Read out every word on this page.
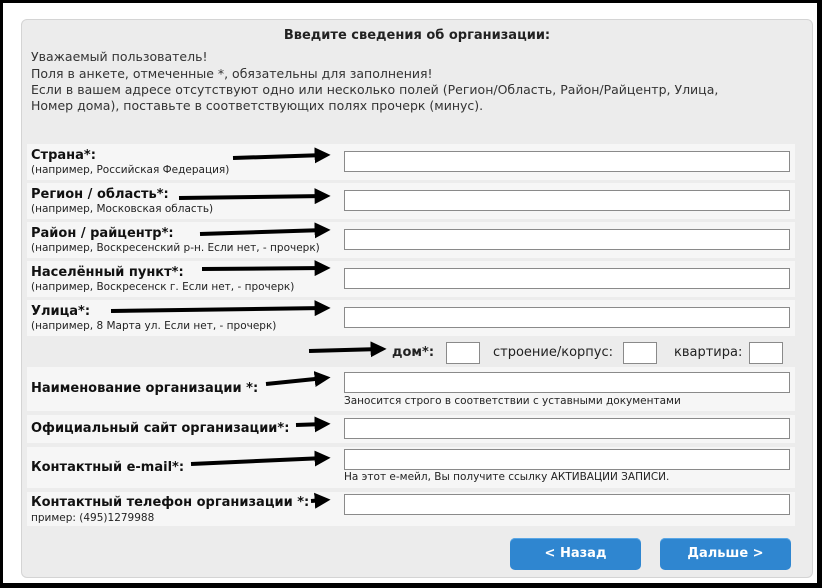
Введите сведения об организации:
Уважаемый пользователь!
Поля в анкете, отмеченные *, обязательны для заполнения!
Если в вашем адресе отсутствуют одно или несколько полей (Регион/Область, Район/Райцентр, Улица,
Номер дома), поставьте в соответствующих полях прочерк (минус).
Страна*:
(например, Российская Федерация)
Регион / область*:
(например, Московская область)
Район / райцентр*:
(например, Воскресенский р-н. Если нет, - прочерк)
Населённый пункт*:
(например, Воскресенск г. Если нет, - прочерк)
Улица*:
(например, 8 Марта ул. Если нет, - прочерк)
дом*:	строение/корпус:	квартира:
Наименование организации *:
Заносится строго в соответствии с уставными документами
Официальный сайт организации*:
Контактный e-mail*:
На этот е-мейл, Вы получите ссылку АКТИВАЦИИ ЗАПИСИ.
Контактный телефон организации *:
пример: (495)1279988
< Назад	Дальше >
